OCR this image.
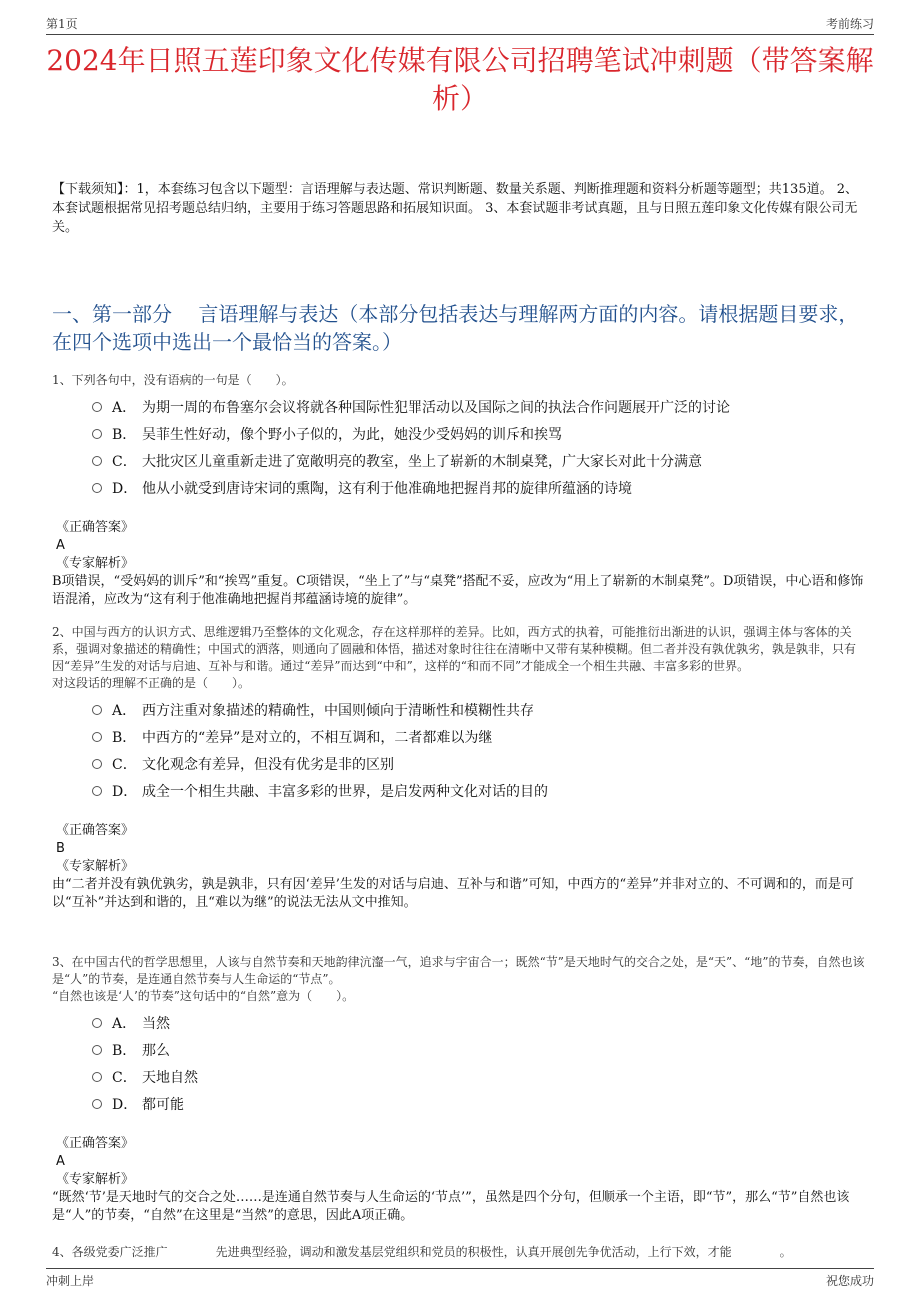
第1页	考前练习
2024年日照五莲印象文化传媒有限公司招聘笔试冲刺题（带答案解析）
【下载须知】：1，本套练习包含以下题型：言语理解与表达题、常识判断题、数量关系题、判断推理题和资料分析题等题型；共135道。 2、本套试题根据常见招考题总结归纳，主要用于练习答题思路和拓展知识面。 3、本套试题非考试真题，且与日照五莲印象文化传媒有限公司无关。
一、第一部分　 言语理解与表达（本部分包括表达与理解两方面的内容。请根据题目要求，在四个选项中选出一个最恰当的答案。）
1、下列各句中，没有语病的一句是（　　）。
A． 为期一周的布鲁塞尔会议将就各种国际性犯罪活动以及国际之间的执法合作问题展开广泛的讨论
B． 吴菲生性好动，像个野小子似的，为此，她没少受妈妈的训斥和挨骂
C． 大批灾区儿童重新走进了宽敞明亮的教室，坐上了崭新的木制桌凳，广大家长对此十分满意
D． 他从小就受到唐诗宋词的熏陶，这有利于他准确地把握肖邦的旋律所蕴涵的诗境
《正确答案》
A
《专家解析》
B项错误，“受妈妈的训斥”和“挨骂”重复。C项错误，“坐上了”与“桌凳”搭配不妥，应改为“用上了崭新的木制桌凳”。D项错误，中心语和修饰语混淆，应改为“这有利于他准确地把握肖邦蕴涵诗境的旋律”。
2、中国与西方的认识方式、思维逻辑乃至整体的文化观念，存在这样那样的差异。比如，西方式的执着，可能推衍出渐进的认识，强调主体与客体的关系，强调对象描述的精确性；中国式的洒落，则通向了圆融和体悟，描述对象时往往在清晰中又带有某种模糊。但二者并没有孰优孰劣，孰是孰非，只有因“差异”生发的对话与启迪、互补与和谐。通过“差异”而达到“中和”，这样的“和而不同”才能成全一个相生共融、丰富多彩的世界。
对这段话的理解不正确的是（　　）。
A． 西方注重对象描述的精确性，中国则倾向于清晰性和模糊性共存
B． 中西方的“差异”是对立的，不相互调和，二者都难以为继
C． 文化观念有差异，但没有优劣是非的区别
D． 成全一个相生共融、丰富多彩的世界，是启发两种文化对话的目的
《正确答案》
B
《专家解析》
由“二者并没有孰优孰劣，孰是孰非，只有因‘差异’生发的对话与启迪、互补与和谐”可知，中西方的“差异”并非对立的、不可调和的，而是可以“互补”并达到和谐的，且“难以为继”的说法无法从文中推知。
3、在中国古代的哲学思想里，人该与自然节奏和天地韵律沆瀣一气，追求与宇宙合一；既然“节”是天地时气的交合之处，是“天”、“地”的节奏，自然也该是“人”的节奏，是连通自然节奏与人生命运的“节点”。
“自然也该是‘人’的节奏”这句话中的“自然”意为（　　）。
A． 当然
B． 那么
C． 天地自然
D． 都可能
《正确答案》
A
《专家解析》
“既然‘节’是天地时气的交合之处……是连通自然节奏与人生命运的‘节点’”，虽然是四个分句，但顺承一个主语，即“节”，那么“节”自然也该是“人”的节奏，“自然”在这里是“当然”的意思，因此A项正确。
4、各级党委广泛推广　　　　先进典型经验，调动和激发基层党组织和党员的积极性，认真开展创先争优活动，上行下效，才能　　　　。
冲刺上岸	祝您成功
